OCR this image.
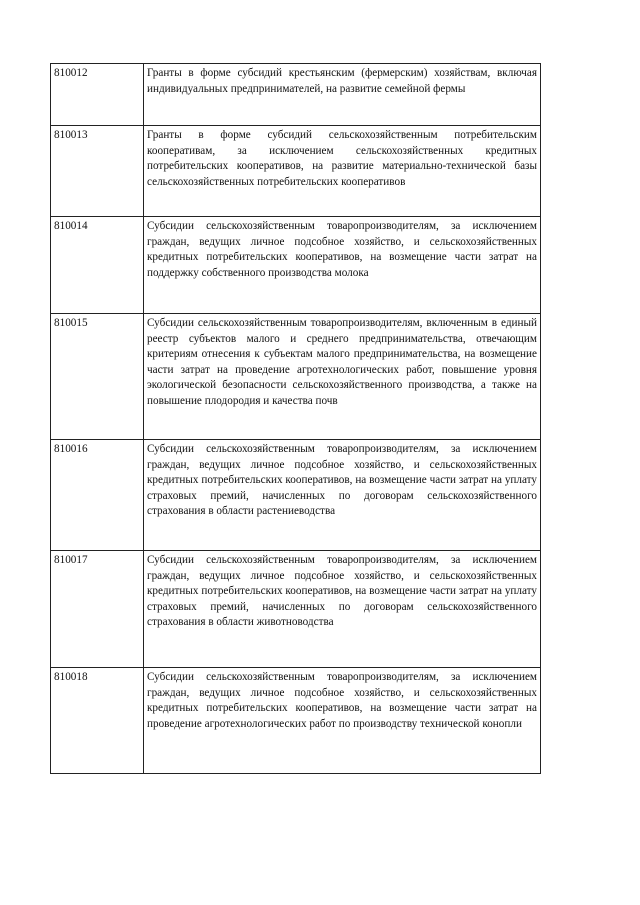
810012	Гранты в форме субсидий крестьянским (фермерским) хозяйствам, включая индивидуальных предпринимателей, на развитие семейной фермы
810013	Гранты в форме субсидий сельскохозяйственным потребительским кооперативам, за исключением сельскохозяйственных кредитных потребительских кооперативов, на развитие материально-технической базы сельскохозяйственных потребительских кооперативов
810014	Субсидии сельскохозяйственным товаропроизводителям, за исключением граждан, ведущих личное подсобное хозяйство, и сельскохозяйственных кредитных потребительских кооперативов, на возмещение части затрат на поддержку собственного производства молока
810015	Субсидии сельскохозяйственным товаропроизводителям, включенным в единый реестр субъектов малого и среднего предпринимательства, отвечающим критериям отнесения к субъектам малого предпринимательства, на возмещение части затрат на проведение агротехнологических работ, повышение уровня экологической безопасности сельскохозяйственного производства, а также на повышение плодородия и качества почв
810016	Субсидии сельскохозяйственным товаропроизводителям, за исключением граждан, ведущих личное подсобное хозяйство, и сельскохозяйственных кредитных потребительских кооперативов, на возмещение части затрат на уплату страховых премий, начисленных по договорам сельскохозяйственного страхования в области растениеводства
810017	Субсидии сельскохозяйственным товаропроизводителям, за исключением граждан, ведущих личное подсобное хозяйство, и сельскохозяйственных кредитных потребительских кооперативов, на возмещение части затрат на уплату страховых премий, начисленных по договорам сельскохозяйственного страхования в области животноводства
810018	Субсидии сельскохозяйственным товаропроизводителям, за исключением граждан, ведущих личное подсобное хозяйство, и сельскохозяйственных кредитных потребительских кооперативов, на возмещение части затрат на проведение агротехнологических работ по производству технической конопли
